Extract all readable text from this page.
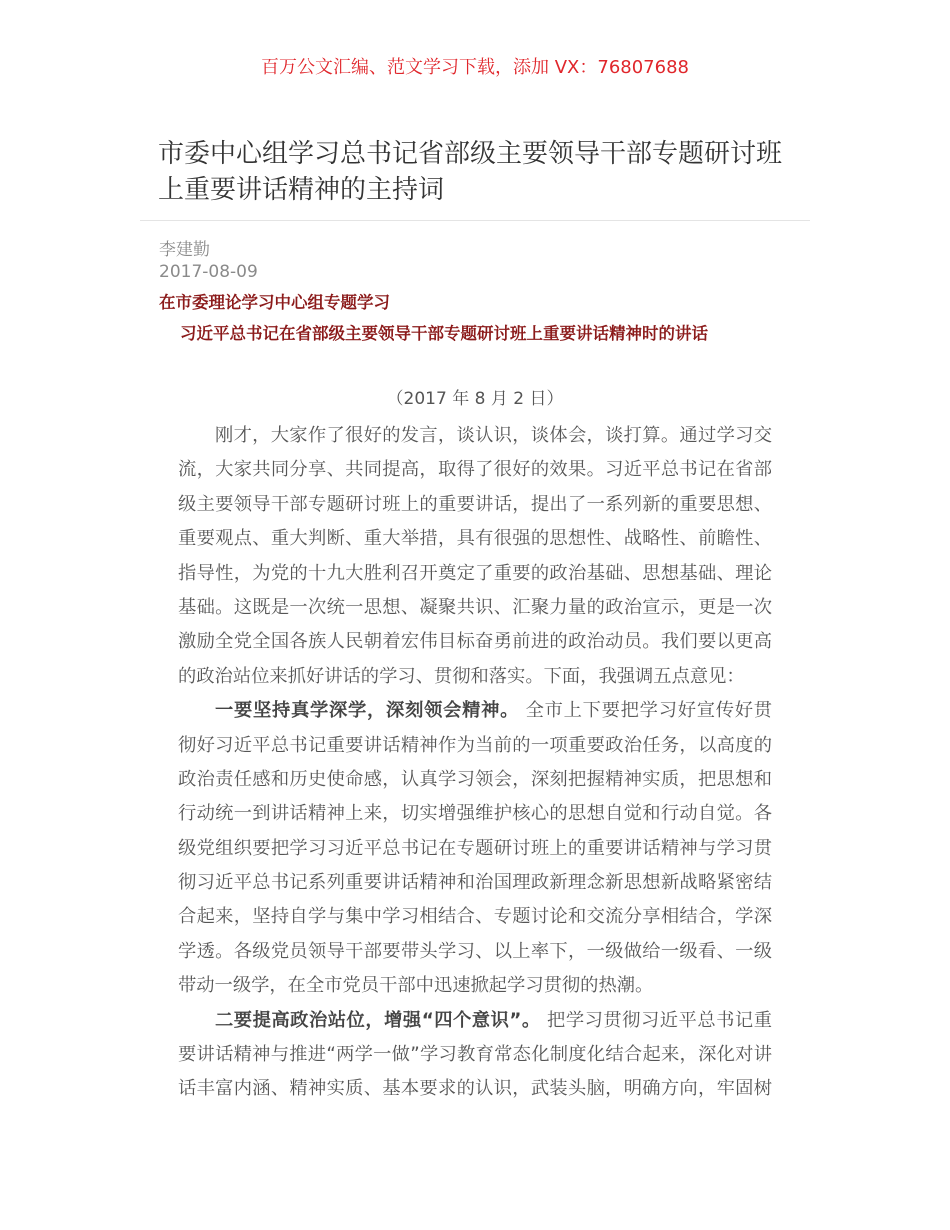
百万公文汇编、范文学习下载，添加 VX：76807688
市委中心组学习总书记省部级主要领导干部专题研讨班
上重要讲话精神的主持词
李建勤
2017-08-09
在市委理论学习中心组专题学习
习近平总书记在省部级主要领导干部专题研讨班上重要讲话精神时的讲话
（2017 年 8 月 2 日）
刚才，大家作了很好的发言，谈认识，谈体会，谈打算。通过学习交
流，大家共同分享、共同提高，取得了很好的效果。习近平总书记在省部
级主要领导干部专题研讨班上的重要讲话，提出了一系列新的重要思想、
重要观点、重大判断、重大举措，具有很强的思想性、战略性、前瞻性、
指导性，为党的十九大胜利召开奠定了重要的政治基础、思想基础、理论
基础。这既是一次统一思想、凝聚共识、汇聚力量的政治宣示，更是一次
激励全党全国各族人民朝着宏伟目标奋勇前进的政治动员。我们要以更高
的政治站位来抓好讲话的学习、贯彻和落实。下面，我强调五点意见：
一要坚持真学深学，深刻领会精神。 全市上下要把学习好宣传好贯
彻好习近平总书记重要讲话精神作为当前的一项重要政治任务，以高度的
政治责任感和历史使命感，认真学习领会，深刻把握精神实质，把思想和
行动统一到讲话精神上来，切实增强维护核心的思想自觉和行动自觉。各
级党组织要把学习习近平总书记在专题研讨班上的重要讲话精神与学习贯
彻习近平总书记系列重要讲话精神和治国理政新理念新思想新战略紧密结
合起来，坚持自学与集中学习相结合、专题讨论和交流分享相结合，学深
学透。各级党员领导干部要带头学习、以上率下，一级做给一级看、一级
带动一级学，在全市党员干部中迅速掀起学习贯彻的热潮。
二要提高政治站位，增强“四个意识”。 把学习贯彻习近平总书记重
要讲话精神与推进“两学一做”学习教育常态化制度化结合起来，深化对讲
话丰富内涵、精神实质、基本要求的认识，武装头脑，明确方向，牢固树
